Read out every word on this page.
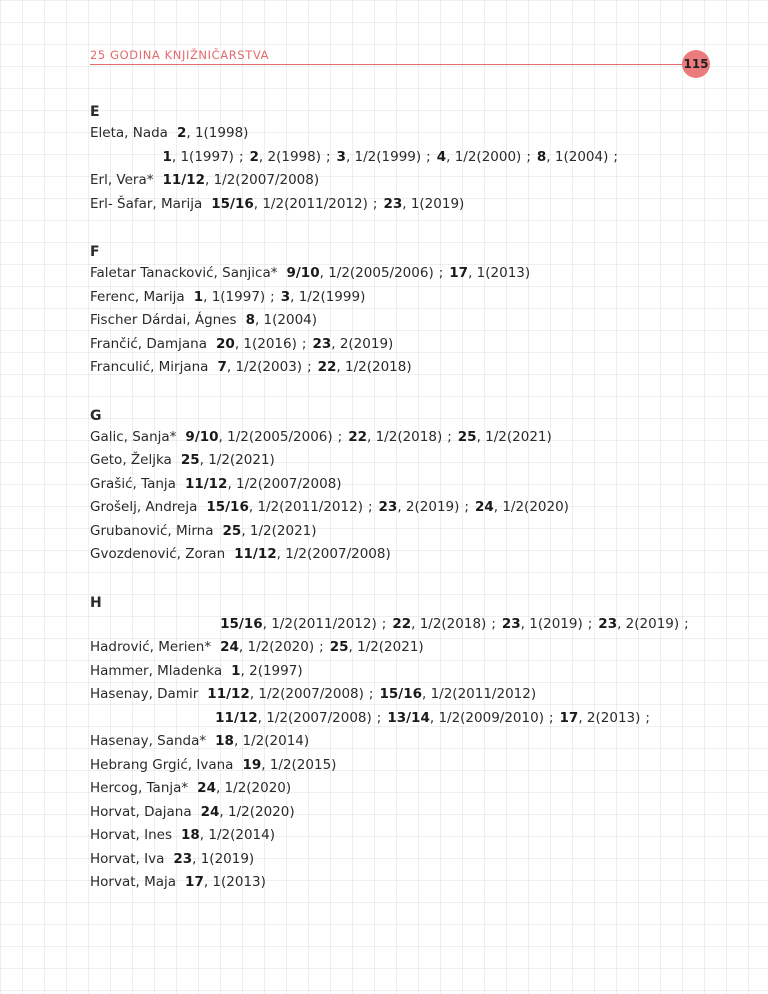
25 GODINA KNJIŽNIČARSTVA
115
E
Eleta, Nada 2, 1(1998)
Erl, Vera*
1, 1(1997) ; 2, 2(1998) ; 3, 1/2(1999) ; 4, 1/2(2000) ; 8, 1(2004) ;
11/12, 1/2(2007/2008)
Erl- Šafar, Marija 15/16, 1/2(2011/2012) ; 23, 1(2019)
F
Faletar Tanacković, Sanjica* 9/10, 1/2(2005/2006) ; 17, 1(2013)
Ferenc, Marija 1, 1(1997) ; 3, 1/2(1999)
Fischer Dárdai, Ágnes 8, 1(2004)
Frančić, Damjana 20, 1(2016) ; 23, 2(2019)
Franculić, Mirjana 7, 1/2(2003) ; 22, 1/2(2018)
G
Galic, Sanja* 9/10, 1/2(2005/2006) ; 22, 1/2(2018) ; 25, 1/2(2021)
Geto, Željka 25, 1/2(2021)
Grašić, Tanja 11/12, 1/2(2007/2008)
Grošelj, Andreja 15/16, 1/2(2011/2012) ; 23, 2(2019) ; 24, 1/2(2020)
Grubanović, Mirna 25, 1/2(2021)
Gvozdenović, Zoran 11/12, 1/2(2007/2008)
H
Hadrović, Merien*
15/16, 1/2(2011/2012) ; 22, 1/2(2018) ; 23, 1(2019) ; 23, 2(2019) ;
24, 1/2(2020) ; 25, 1/2(2021)
Hammer, Mladenka 1, 2(1997)
Hasenay, Damir 11/12, 1/2(2007/2008) ; 15/16, 1/2(2011/2012)
Hasenay, Sanda*
11/12, 1/2(2007/2008) ; 13/14, 1/2(2009/2010) ; 17, 2(2013) ;
18, 1/2(2014)
Hebrang Grgić, Ivana 19, 1/2(2015)
Hercog, Tanja* 24, 1/2(2020)
Horvat, Dajana 24, 1/2(2020)
Horvat, Ines 18, 1/2(2014)
Horvat, Iva 23, 1(2019)
Horvat, Maja 17, 1(2013)
